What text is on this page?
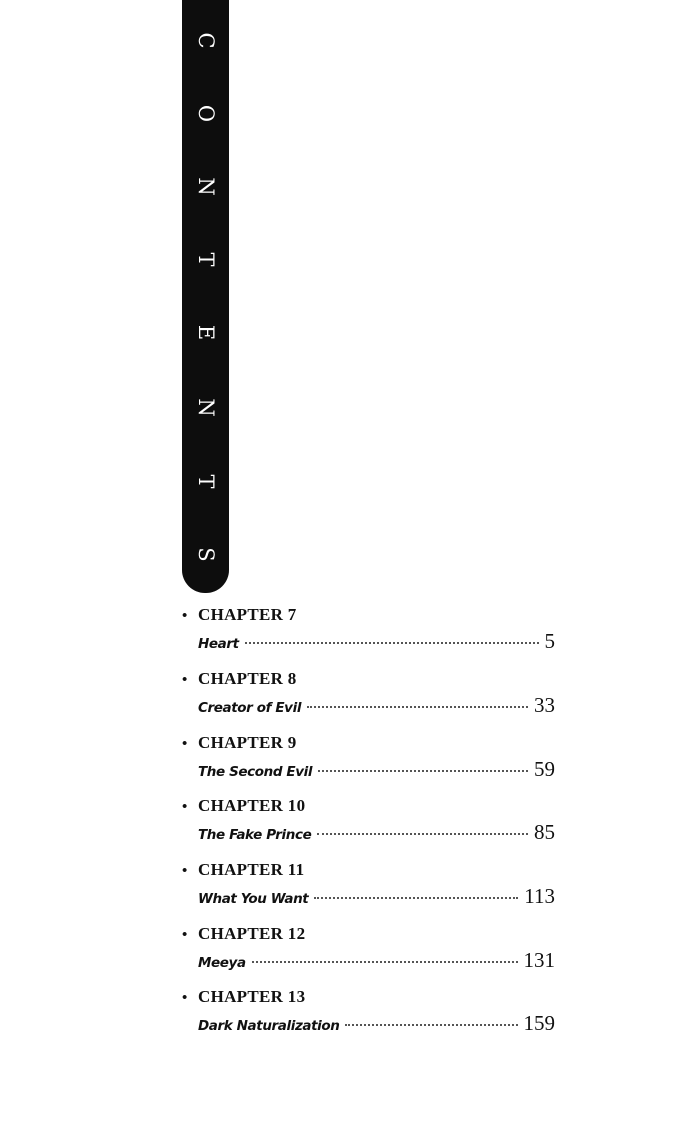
C
O
N
T
E
N
T
S
• CHAPTER 7
Heart	5
• CHAPTER 8
Creator of Evil	33
• CHAPTER 9
The Second Evil	59
• CHAPTER 10
The Fake Prince	85
• CHAPTER 11
What You Want	113
• CHAPTER 12
Meeya	131
• CHAPTER 13
Dark Naturalization	159
